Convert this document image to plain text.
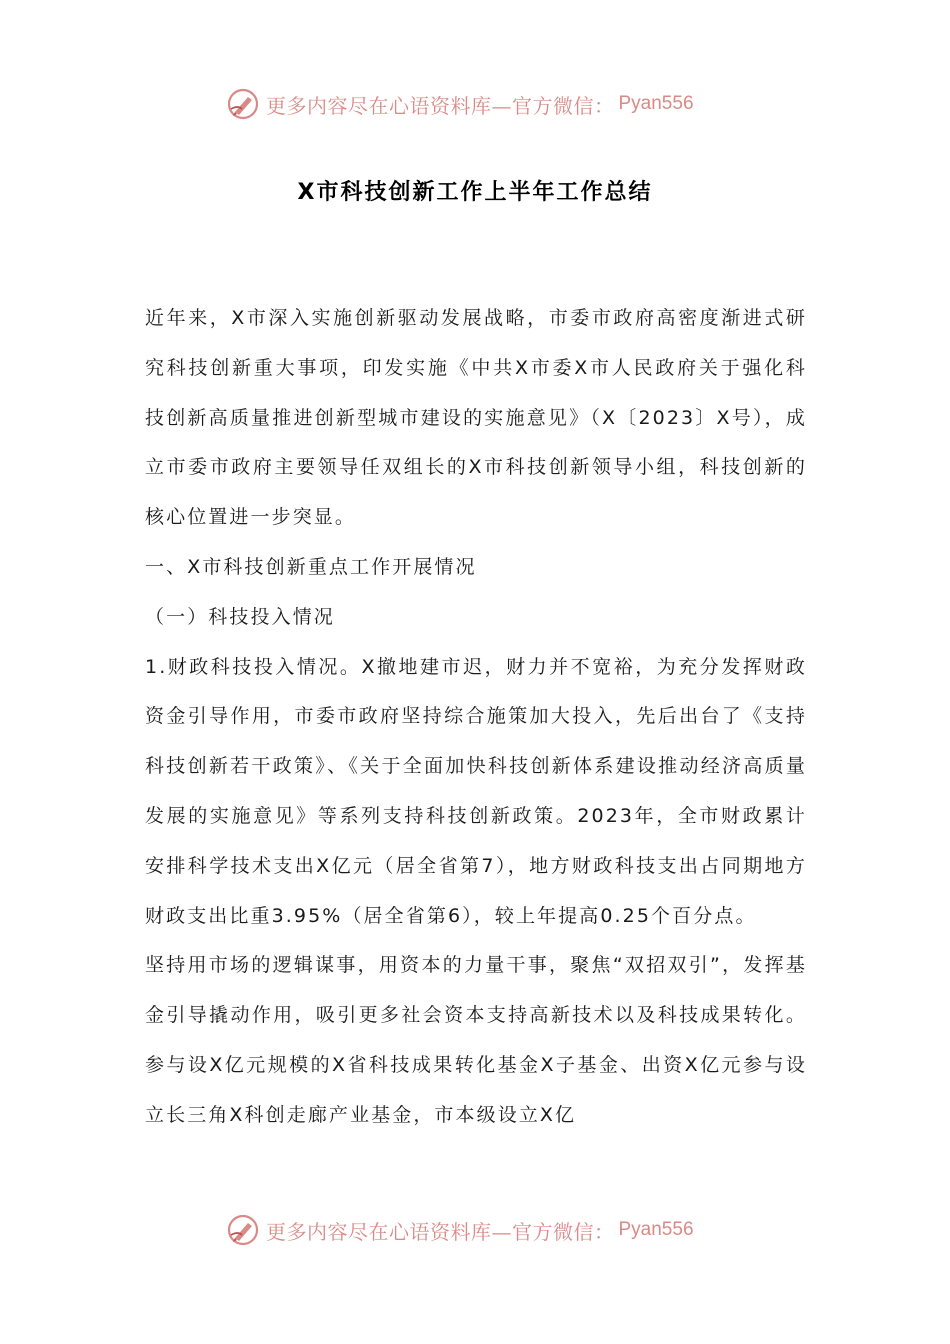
更多内容尽在心语资料库—官方微信： Pyan556
X市科技创新工作上半年工作总结

近年来，X市深入实施创新驱动发展战略，市委市政府高密度渐进式研究科技创新重大事项，印发实施《中共X市委X市人民政府关于强化科技创新高质量推进创新型城市建设的实施意见》（X〔2023〕X号），成立市委市政府主要领导任双组长的X市科技创新领导小组，科技创新的核心位置进一步突显。

一、X市科技创新重点工作开展情况

（一）科技投入情况

1.财政科技投入情况。X撤地建市迟，财力并不宽裕，为充分发挥财政资金引导作用，市委市政府坚持综合施策加大投入，先后出台了《支持科技创新若干政策》、《关于全面加快科技创新体系建设推动经济高质量发展的实施意见》等系列支持科技创新政策。2023年，全市财政累计安排科学技术支出X亿元（居全省第7），地方财政科技支出占同期地方财政支出比重3.95%（居全省第6），较上年提高0.25个百分点。

坚持用市场的逻辑谋事，用资本的力量干事，聚焦“双招双引”，发挥基金引导撬动作用，吸引更多社会资本支持高新技术以及科技成果转化。参与设X亿元规模的X省科技成果转化基金X子基金、出资X亿元参与设立长三角X科创走廊产业基金，市本级设立X亿

更多内容尽在心语资料库—官方微信： Pyan556
